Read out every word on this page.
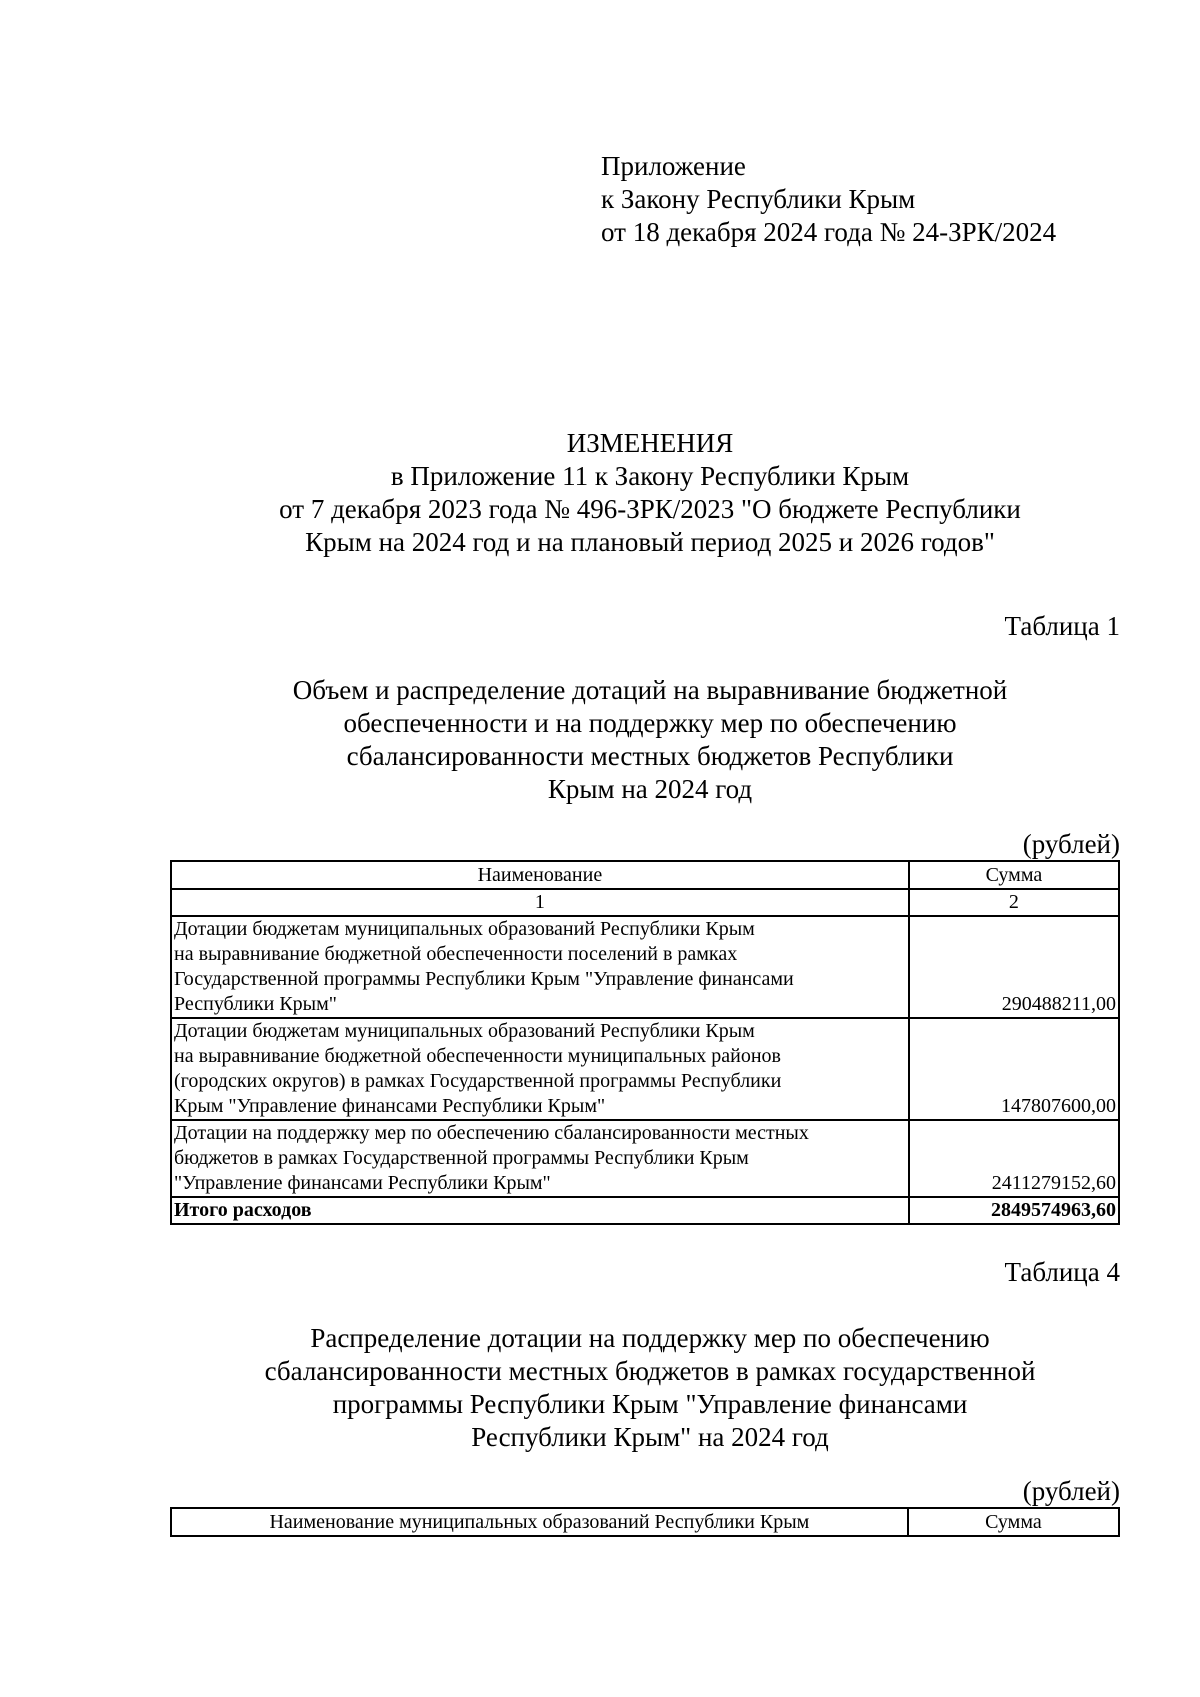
Приложение
к Закону Республики Крым
от 18 декабря 2024 года № 24-ЗРК/2024
ИЗМЕНЕНИЯ
в Приложение 11 к Закону Республики Крым
от 7 декабря 2023 года № 496-ЗРК/2023 "О бюджете Республики
Крым на 2024 год и на плановый период 2025 и 2026 годов"
Таблица 1
Объем и распределение дотаций на выравнивание бюджетной
обеспеченности и на поддержку мер по обеспечению
сбалансированности местных бюджетов Республики
Крым на 2024 год
(рублей)
Наименование	Сумма
1	2

Дотации бюджетам муниципальных образований Республики Крым
на выравнивание бюджетной обеспеченности поселений в рамках
Государственной программы Республики Крым "Управление финансами
Республики Крым"	290488211,00

Дотации бюджетам муниципальных образований Республики Крым
на выравнивание бюджетной обеспеченности муниципальных районов
(городских округов) в рамках Государственной программы Республики
Крым "Управление финансами Республики Крым"	147807600,00

Дотации на поддержку мер по обеспечению сбалансированности местных
бюджетов в рамках Государственной программы Республики Крым
"Управление финансами Республики Крым"	2411279152,60
Итого расходов	2849574963,60
Таблица 4
Распределение дотации на поддержку мер по обеспечению
сбалансированности местных бюджетов в рамках государственной
программы Республики Крым "Управление финансами
Республики Крым" на 2024 год
(рублей)
Наименование муниципальных образований Республики Крым	Сумма
